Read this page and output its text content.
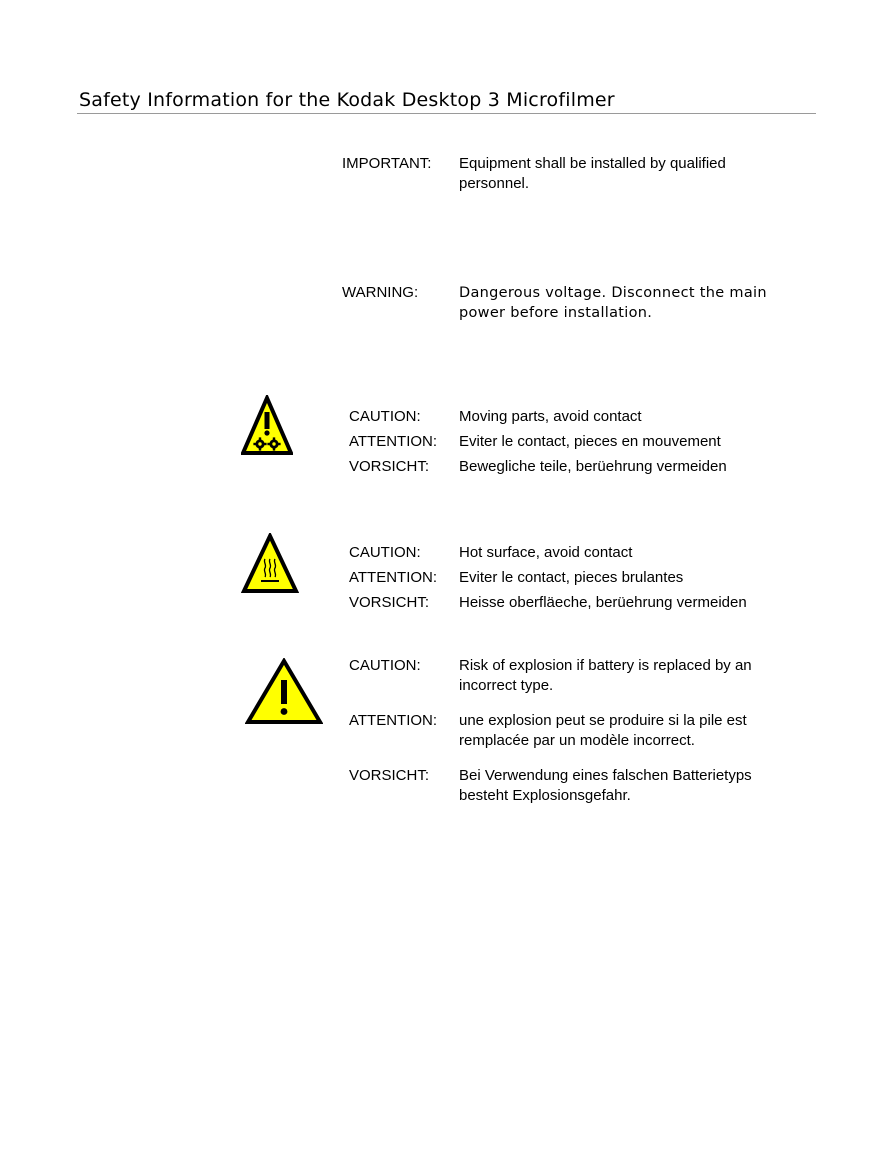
Safety Information for the Kodak Desktop 3 Microfilmer
IMPORTANT: Equipment shall be installed by qualified personnel.
WARNING:	Dangerous voltage. Disconnect the main power before installation.
CAUTION:	Moving parts, avoid contact
ATTENTION: Eviter le contact, pieces en mouvement
VORSICHT: Bewegliche teile, berüehrung vermeiden
CAUTION:	Hot surface, avoid contact
ATTENTION: Eviter le contact, pieces brulantes
VORSICHT: Heisse oberfläeche, berüehrung vermeiden
CAUTION:	Risk of explosion if battery is replaced by an incorrect type.
ATTENTION: une explosion peut se produire si la pile est remplacée par un modèle incorrect.
VORSICHT: Bei Verwendung eines falschen Batterietyps besteht Explosionsgefahr.
